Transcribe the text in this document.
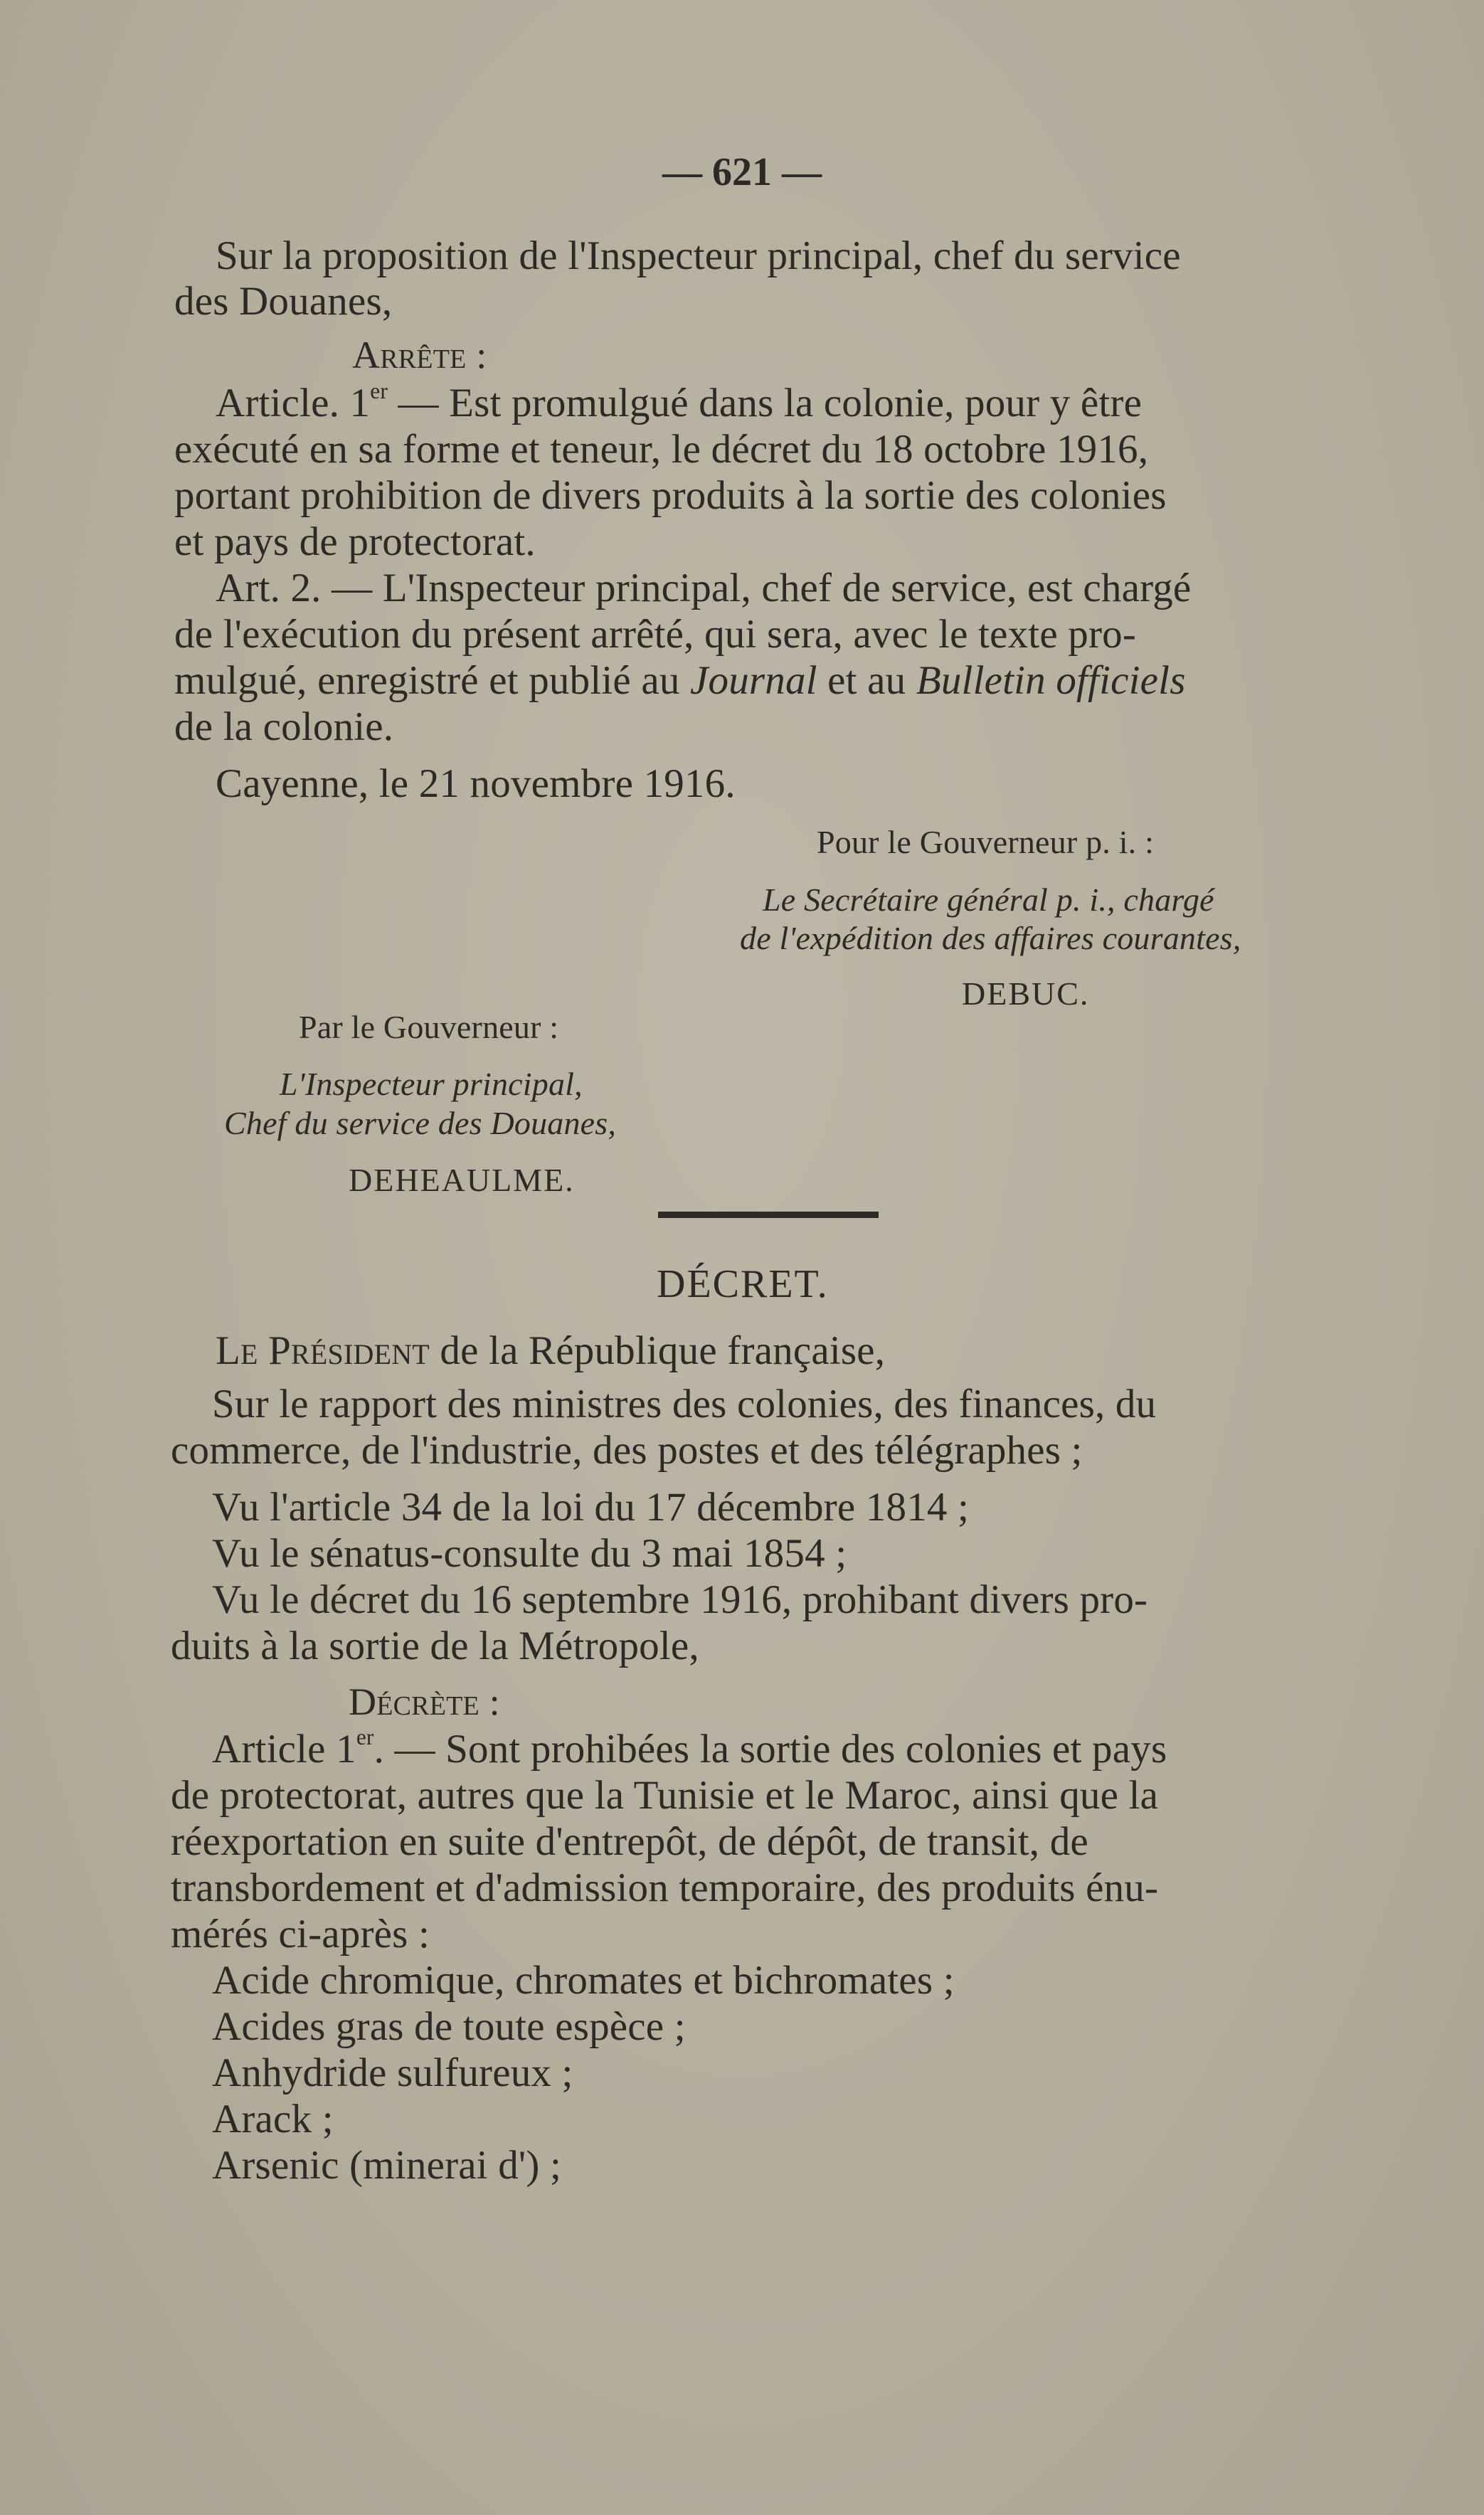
— 621 —
Sur la proposition de l'Inspecteur principal, chef du service
des Douanes,
Arrête :
Article. 1er — Est promulgué dans la colonie, pour y être
exécuté en sa forme et teneur, le décret du 18 octobre 1916,
portant prohibition de divers produits à la sortie des colonies
et pays de protectorat.
Art. 2. — L'Inspecteur principal, chef de service, est chargé
de l'exécution du présent arrêté, qui sera, avec le texte pro-
mulgué, enregistré et publié au Journal et au Bulletin officiels
de la colonie.
Cayenne, le 21 novembre 1916.
Pour le Gouverneur p. i. :
Le Secrétaire général p. i., chargé
de l'expédition des affaires courantes,
DEBUC.
Par le Gouverneur :
L'Inspecteur principal,
Chef du service des Douanes,
DEHEAULME.
DÉCRET.
Le Président de la République française,
Sur le rapport des ministres des colonies, des finances, du
commerce, de l'industrie, des postes et des télégraphes ;
Vu l'article 34 de la loi du 17 décembre 1814 ;
Vu le sénatus-consulte du 3 mai 1854 ;
Vu le décret du 16 septembre 1916, prohibant divers pro-
duits à la sortie de la Métropole,
Décrète :
Article 1er. — Sont prohibées la sortie des colonies et pays
de protectorat, autres que la Tunisie et le Maroc, ainsi que la
réexportation en suite d'entrepôt, de dépôt, de transit, de
transbordement et d'admission temporaire, des produits énu-
mérés ci-après :
Acide chromique, chromates et bichromates ;
Acides gras de toute espèce ;
Anhydride sulfureux ;
Arack ;
Arsenic (minerai d') ;
